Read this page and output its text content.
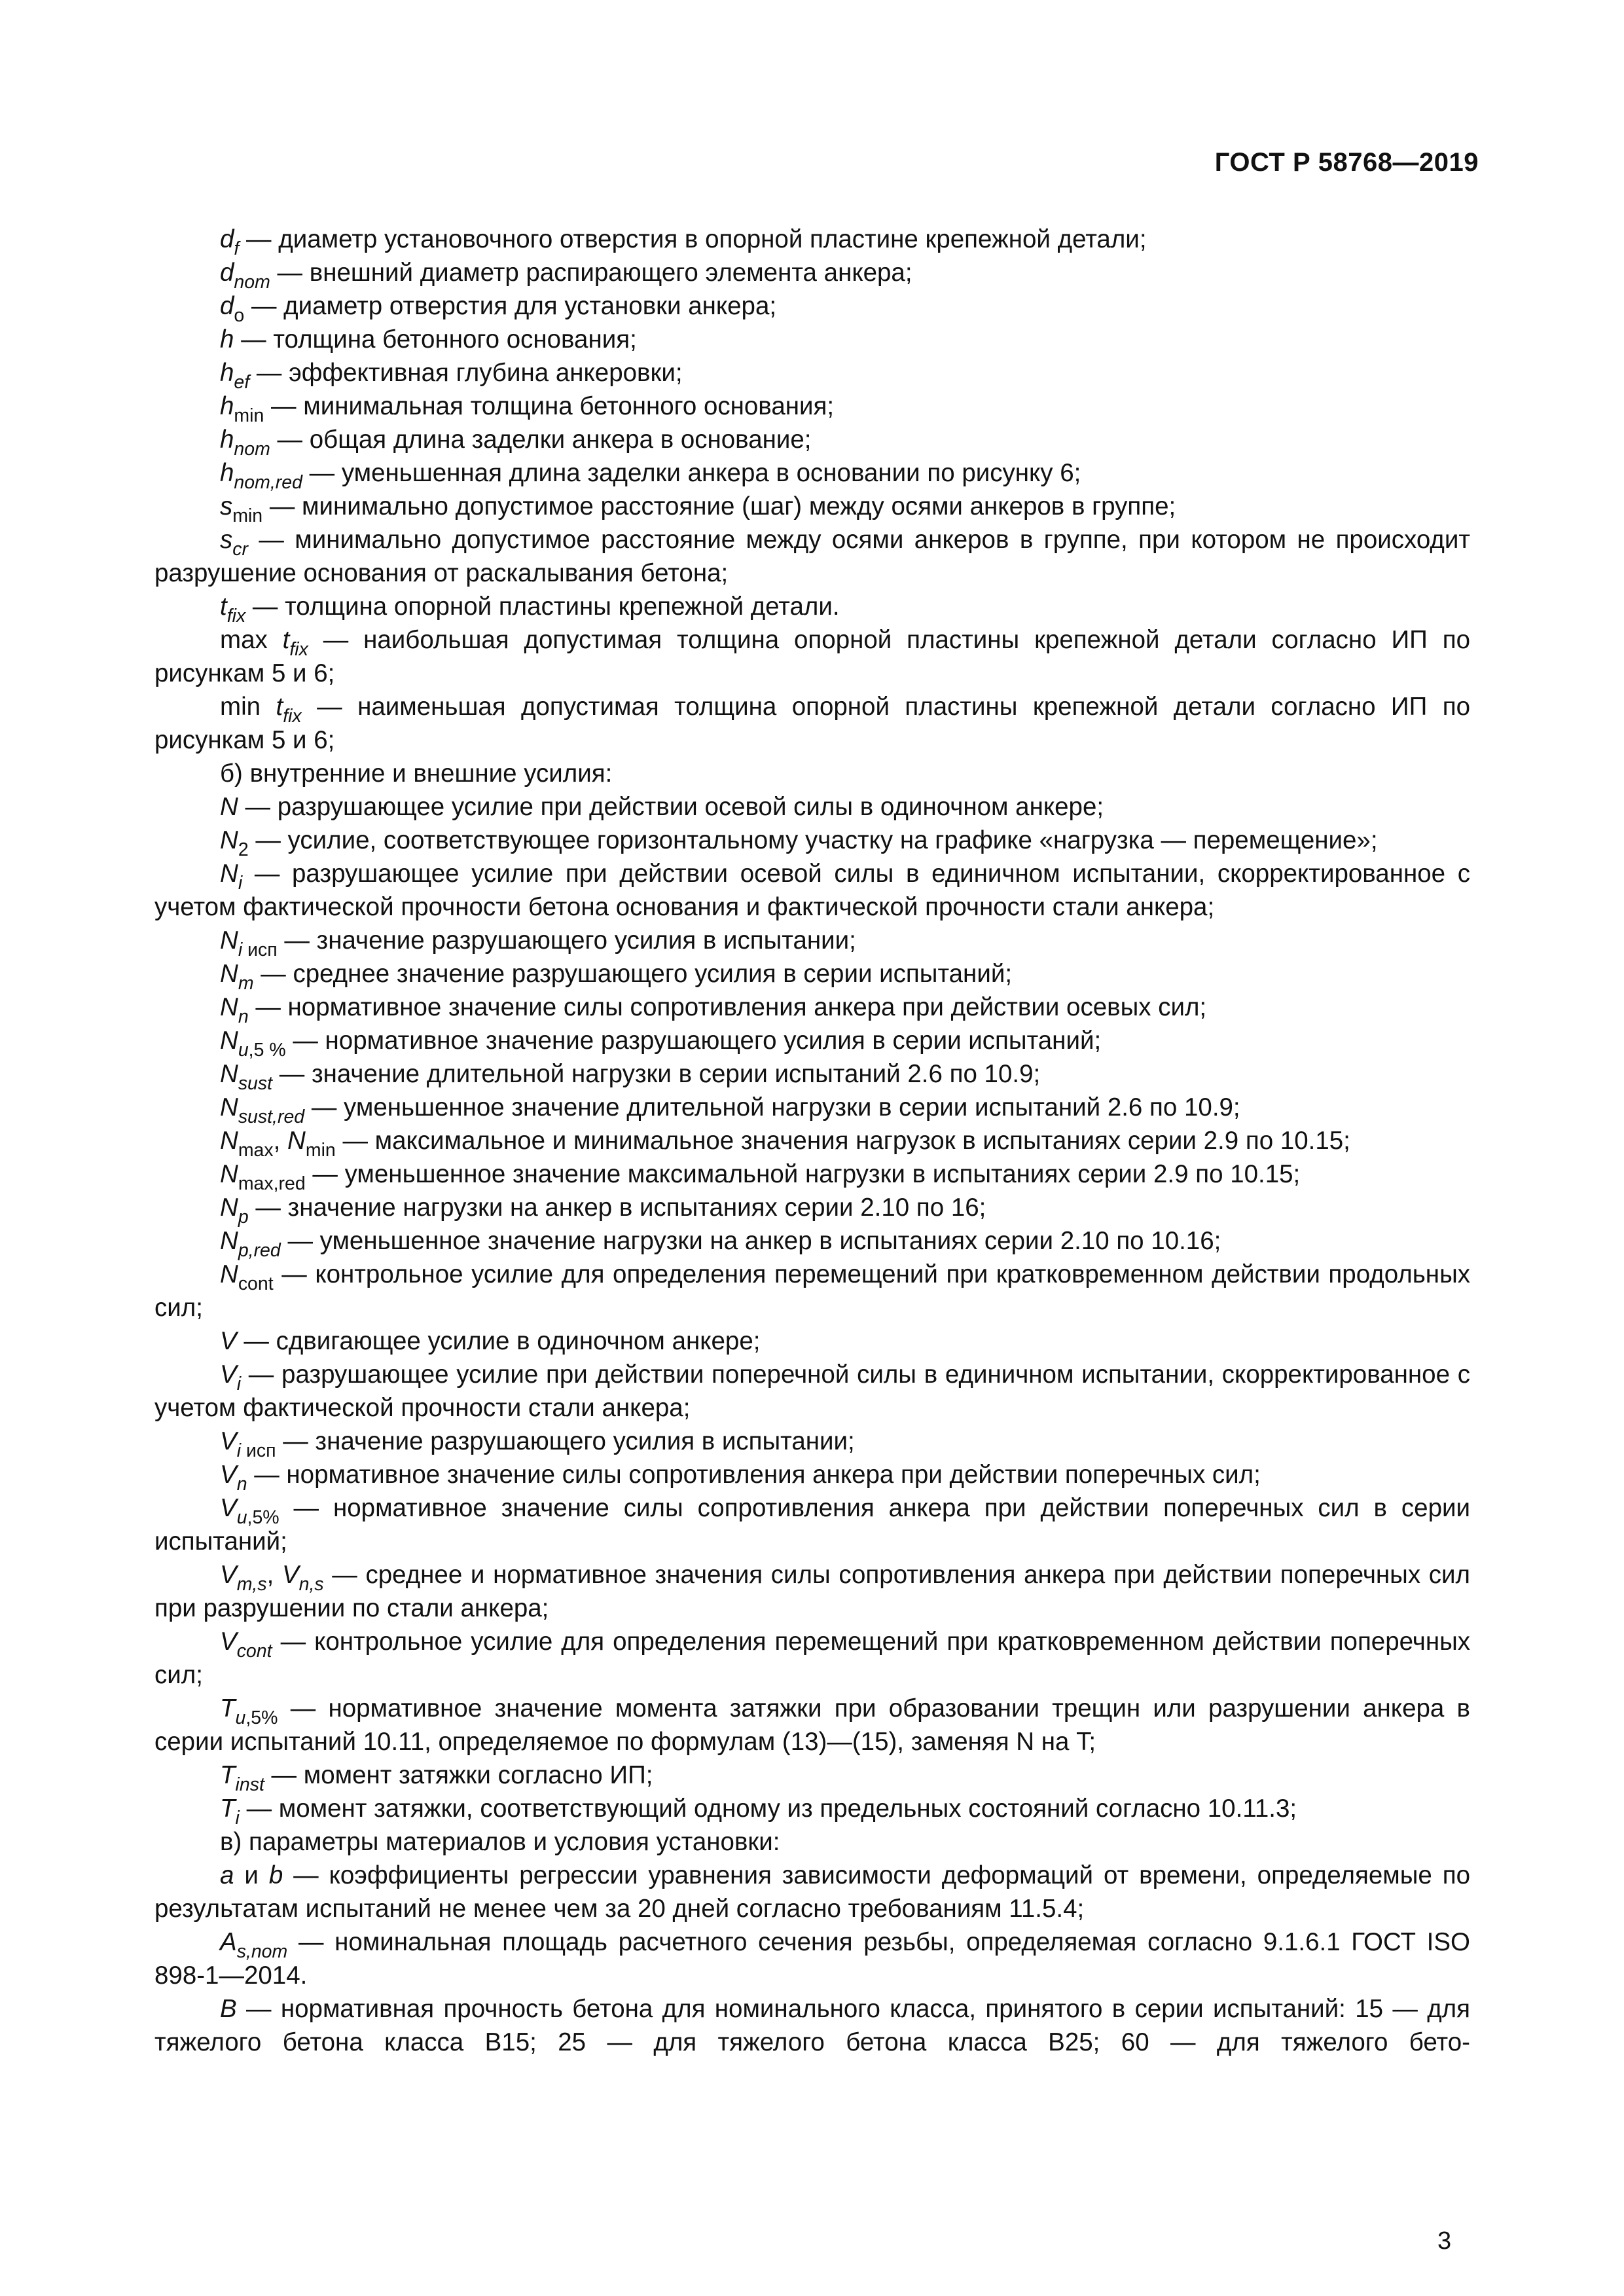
ГОСТ Р 58768—2019
$d_f$ — диаметр установочного отверстия в опорной пластине крепежной детали;
$d_{nom}$ — внешний диаметр распирающего элемента анкера;
$d_o$ — диаметр отверстия для установки анкера;
h — толщина бетонного основания;
$h_{ef}$ — эффективная глубина анкеровки;
$h_{min}$ — минимальная толщина бетонного основания;
$h_{nom}$ — общая длина заделки анкера в основание;
$h_{nom,red}$ — уменьшенная длина заделки анкера в основании по рисунку 6;
$s_{min}$ — минимально допустимое расстояние (шаг) между осями анкеров в группе;
$s_{cr}$ — минимально допустимое расстояние между осями анкеров в группе, при котором не происходит разрушение основания от раскалывания бетона;
$t_{fix}$ — толщина опорной пластины крепежной детали.
$\max t_{fix}$ — наибольшая допустимая толщина опорной пластины крепежной детали согласно ИП по рисункам 5 и 6;
$\min t_{fix}$ — наименьшая допустимая толщина опорной пластины крепежной детали согласно ИП по рисункам 5 и 6;
б) внутренние и внешние усилия:
N — разрушающее усилие при действии осевой силы в одиночном анкере;
$N_2$ — усилие, соответствующее горизонтальному участку на графике «нагрузка — перемещение»;
$N_i$ — разрушающее усилие при действии осевой силы в единичном испытании, скорректированное с учетом фактической прочности бетона основания и фактической прочности стали анкера;
$N_{i исп}$ — значение разрушающего усилия в испытании;
$N_m$ — среднее значение разрушающего усилия в серии испытаний;
$N_n$ — нормативное значение силы сопротивления анкера при действии осевых сил;
$N_{u,5 \%}$ — нормативное значение разрушающего усилия в серии испытаний;
$N_{sust}$ — значение длительной нагрузки в серии испытаний 2.6 по 10.9;
$N_{sust,red}$ — уменьшенное значение длительной нагрузки в серии испытаний 2.6 по 10.9;
$N_{max}$, $N_{min}$ — максимальное и минимальное значения нагрузок в испытаниях серии 2.9 по 10.15;
$N_{max,red}$ — уменьшенное значение максимальной нагрузки в испытаниях серии 2.9 по 10.15;
$N_p$ — значение нагрузки на анкер в испытаниях серии 2.10 по 16;
$N_{p,red}$ — уменьшенное значение нагрузки на анкер в испытаниях серии 2.10 по 10.16;
$N_{cont}$ — контрольное усилие для определения перемещений при кратковременном действии продольных сил;
V — сдвигающее усилие в одиночном анкере;
$V_i$ — разрушающее усилие при действии поперечной силы в единичном испытании, скорректированное с учетом фактической прочности стали анкера;
$V_{i исп}$ — значение разрушающего усилия в испытании;
$V_n$ — нормативное значение силы сопротивления анкера при действии поперечных сил;
$V_{u,5\%}$ — нормативное значение силы сопротивления анкера при действии поперечных сил в серии испытаний;
$V_{m,s}$, $V_{n,s}$ — среднее и нормативное значения силы сопротивления анкера при действии поперечных сил при разрушении по стали анкера;
$V_{cont}$ — контрольное усилие для определения перемещений при кратковременном действии поперечных сил;
$T_{u,5\%}$ — нормативное значение момента затяжки при образовании трещин или разрушении анкера в серии испытаний 10.11, определяемое по формулам (13)—(15), заменяя N на T;
$T_{inst}$ — момент затяжки согласно ИП;
$T_i$ — момент затяжки, соответствующий одному из предельных состояний согласно 10.11.3;
в) параметры материалов и условия установки:
a и b — коэффициенты регрессии уравнения зависимости деформаций от времени, определяемые по результатам испытаний не менее чем за 20 дней согласно требованиям 11.5.4;
$A_{s,nom}$ — номинальная площадь расчетного сечения резьбы, определяемая согласно 9.1.6.1 ГОСТ ISO 898-1—2014.
B — нормативная прочность бетона для номинального класса, принятого в серии испытаний: 15 — для тяжелого бетона класса В15; 25 — для тяжелого бетона класса В25; 60 — для тяжелого бето-
3
